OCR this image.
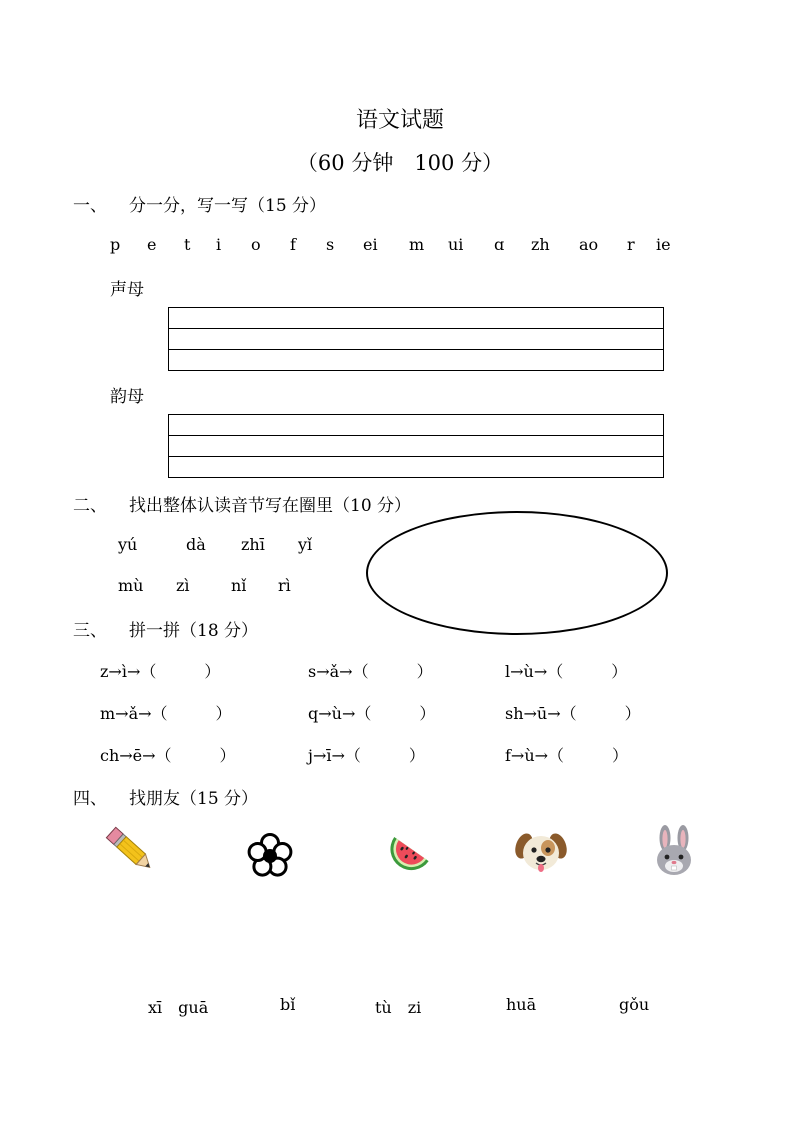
语文试题
（60 分钟　100 分）
一、 分一分，写一写（15 分）
p e t i o f s ei m ui ɑ zh ao r ie
声母

韵母

二、 找出整体认读音节写在圈里（10 分）
yú	dà zhī yǐ
mù zì	nǐ rì
三、 拼一拼（18 分）
z→ì→（　　　）	s→ǎ→（　　　）	l→ù→（　　　）
m→ǎ→（　　　）	q→ù→（　　　）	sh→ū→（　　　）
ch→ē→（　　　）	j→ī→（　　　）	f→ù→（　　　）
四、 找朋友（15 分）
xī　guā	bǐ	tù　zi	huā	gǒu
